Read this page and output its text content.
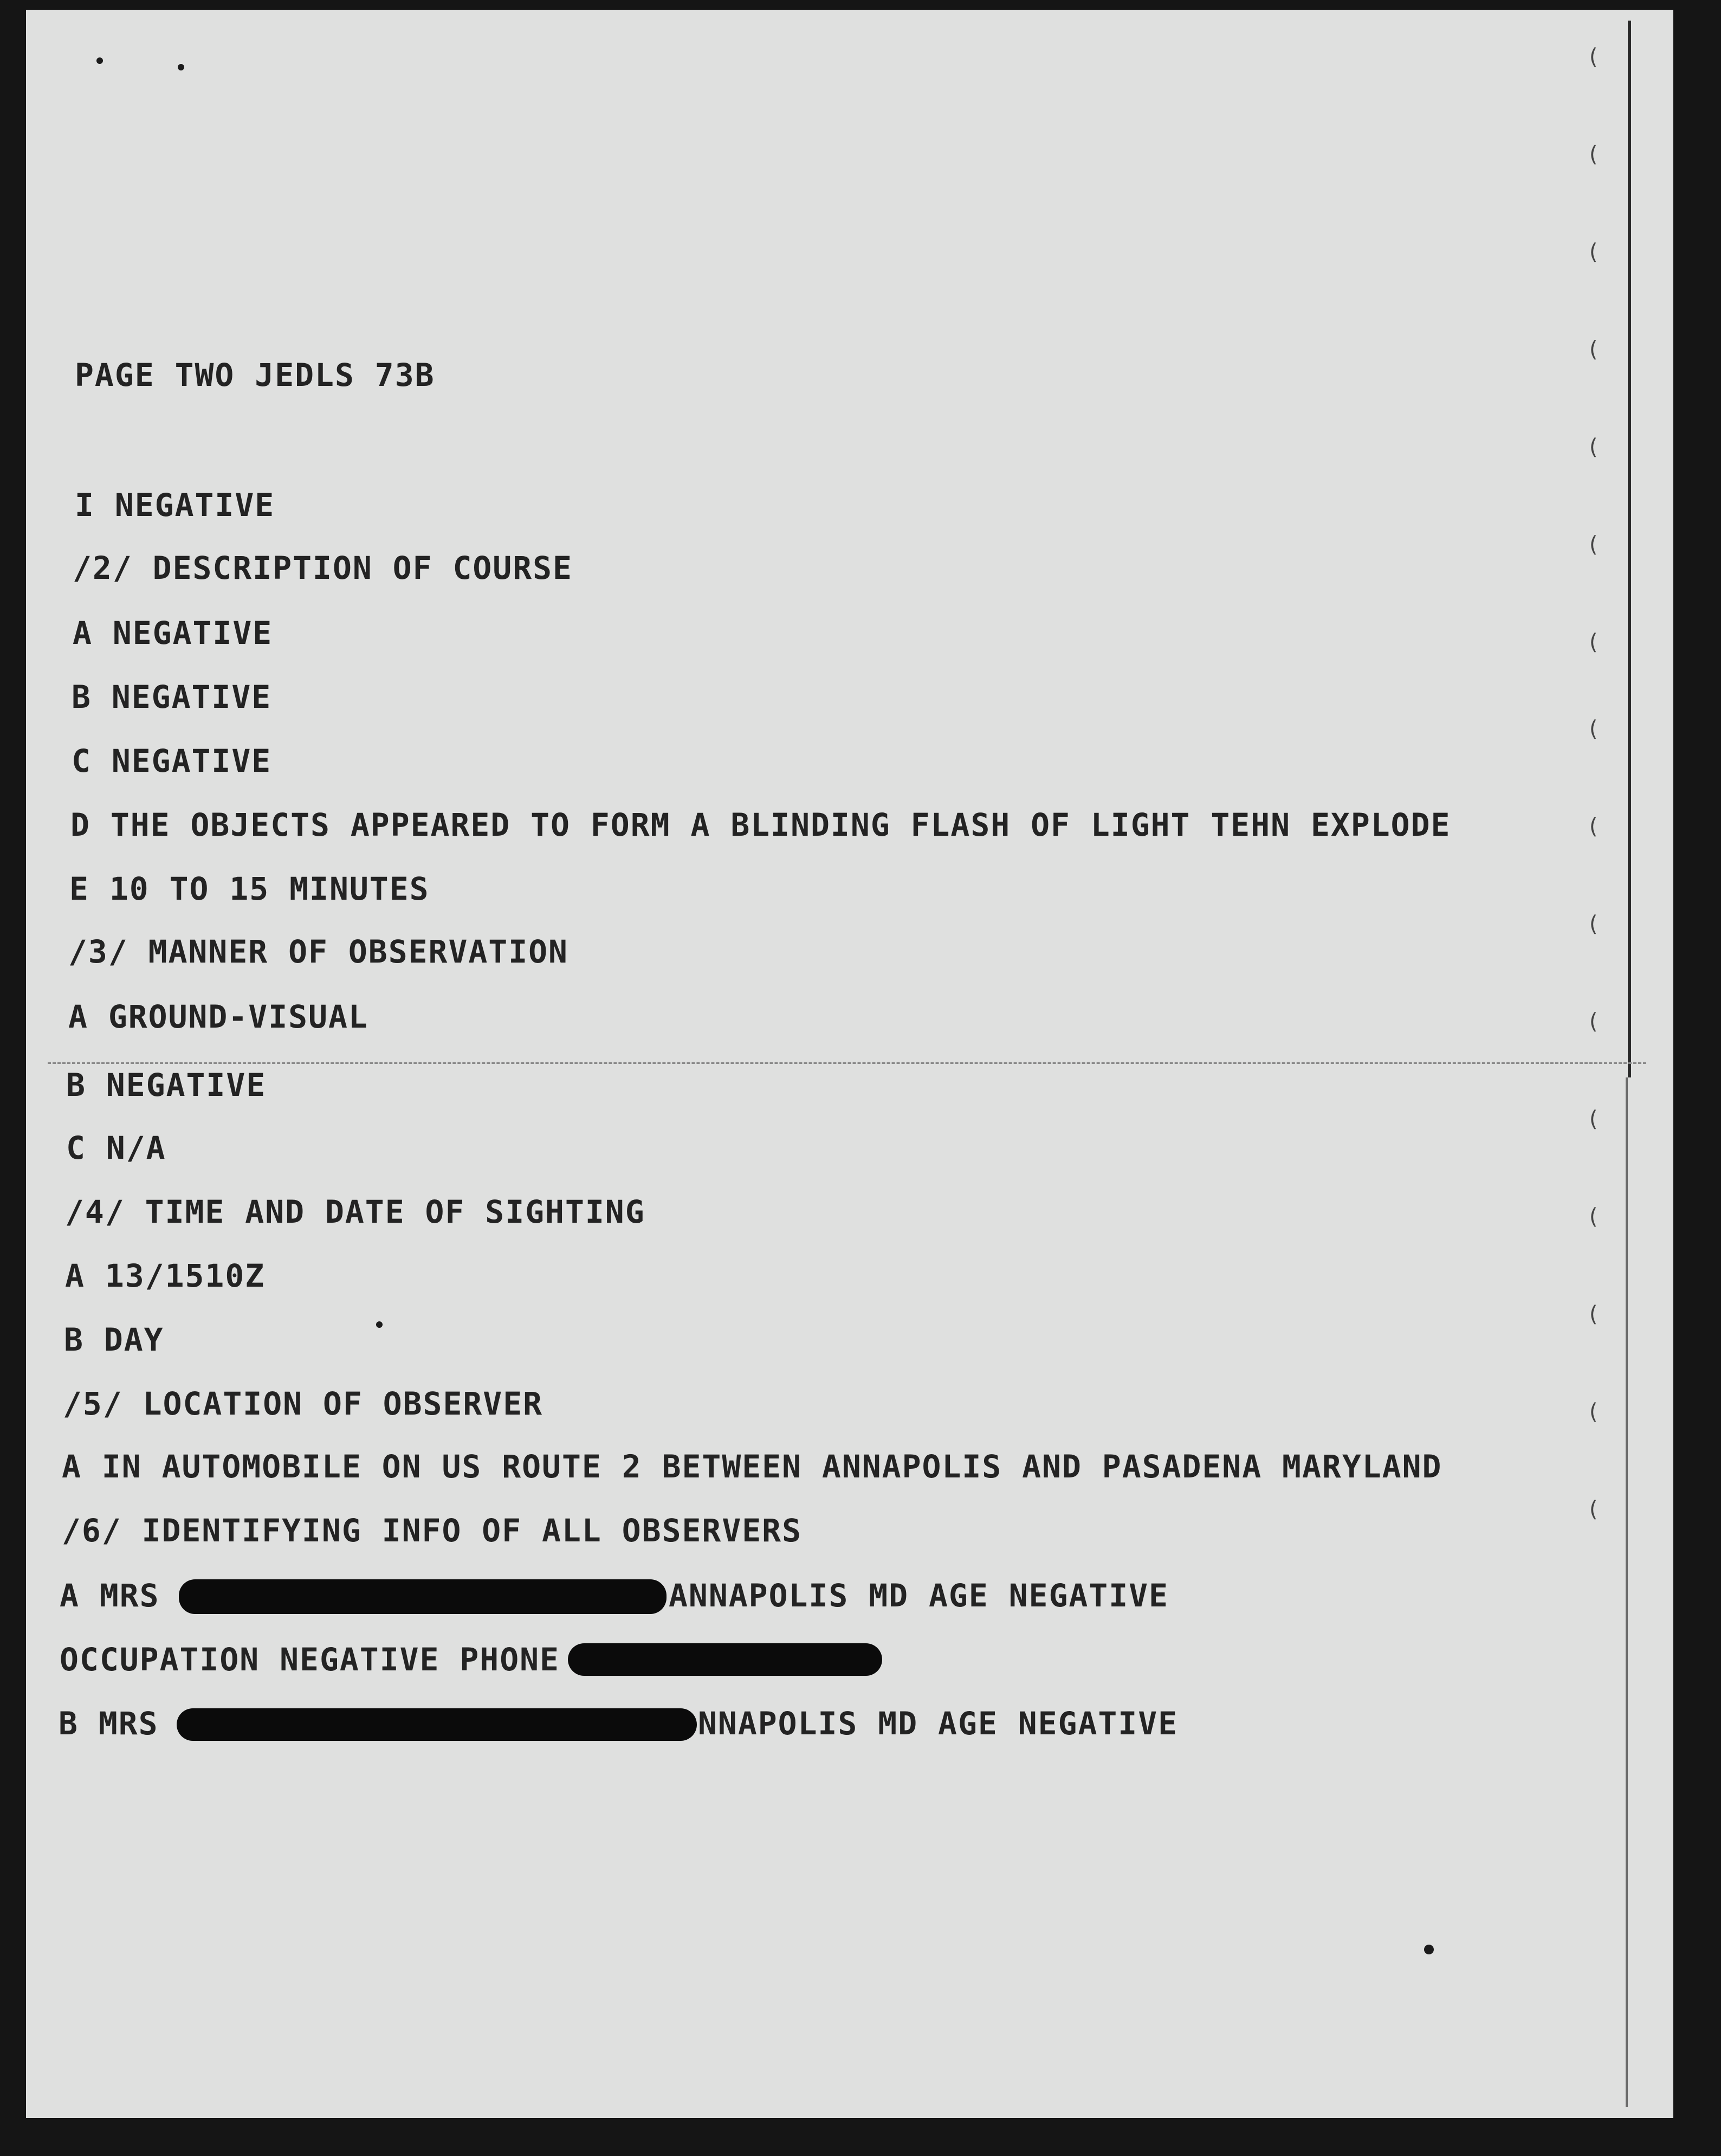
(
(
(
(
(
(
(
(
(
(
(
(
(
(
(
(
PAGE TWO JEDLS 73B
I NEGATIVE
/2/ DESCRIPTION OF COURSE
A NEGATIVE
B NEGATIVE
C NEGATIVE
D THE OBJECTS APPEARED TO FORM A BLINDING FLASH OF LIGHT TEHN EXPLODE
E 10 TO 15 MINUTES
/3/ MANNER OF OBSERVATION
A GROUND-VISUAL
B NEGATIVE
C N/A
/4/ TIME AND DATE OF SIGHTING
A 13/1510Z
B DAY
/5/ LOCATION OF OBSERVER
A IN AUTOMOBILE ON US ROUTE 2 BETWEEN ANNAPOLIS AND PASADENA MARYLAND
/6/ IDENTIFYING INFO OF ALL OBSERVERS
A MRS	ANNAPOLIS MD AGE NEGATIVE
OCCUPATION NEGATIVE PHONE
B MRS	NNAPOLIS MD AGE NEGATIVE
